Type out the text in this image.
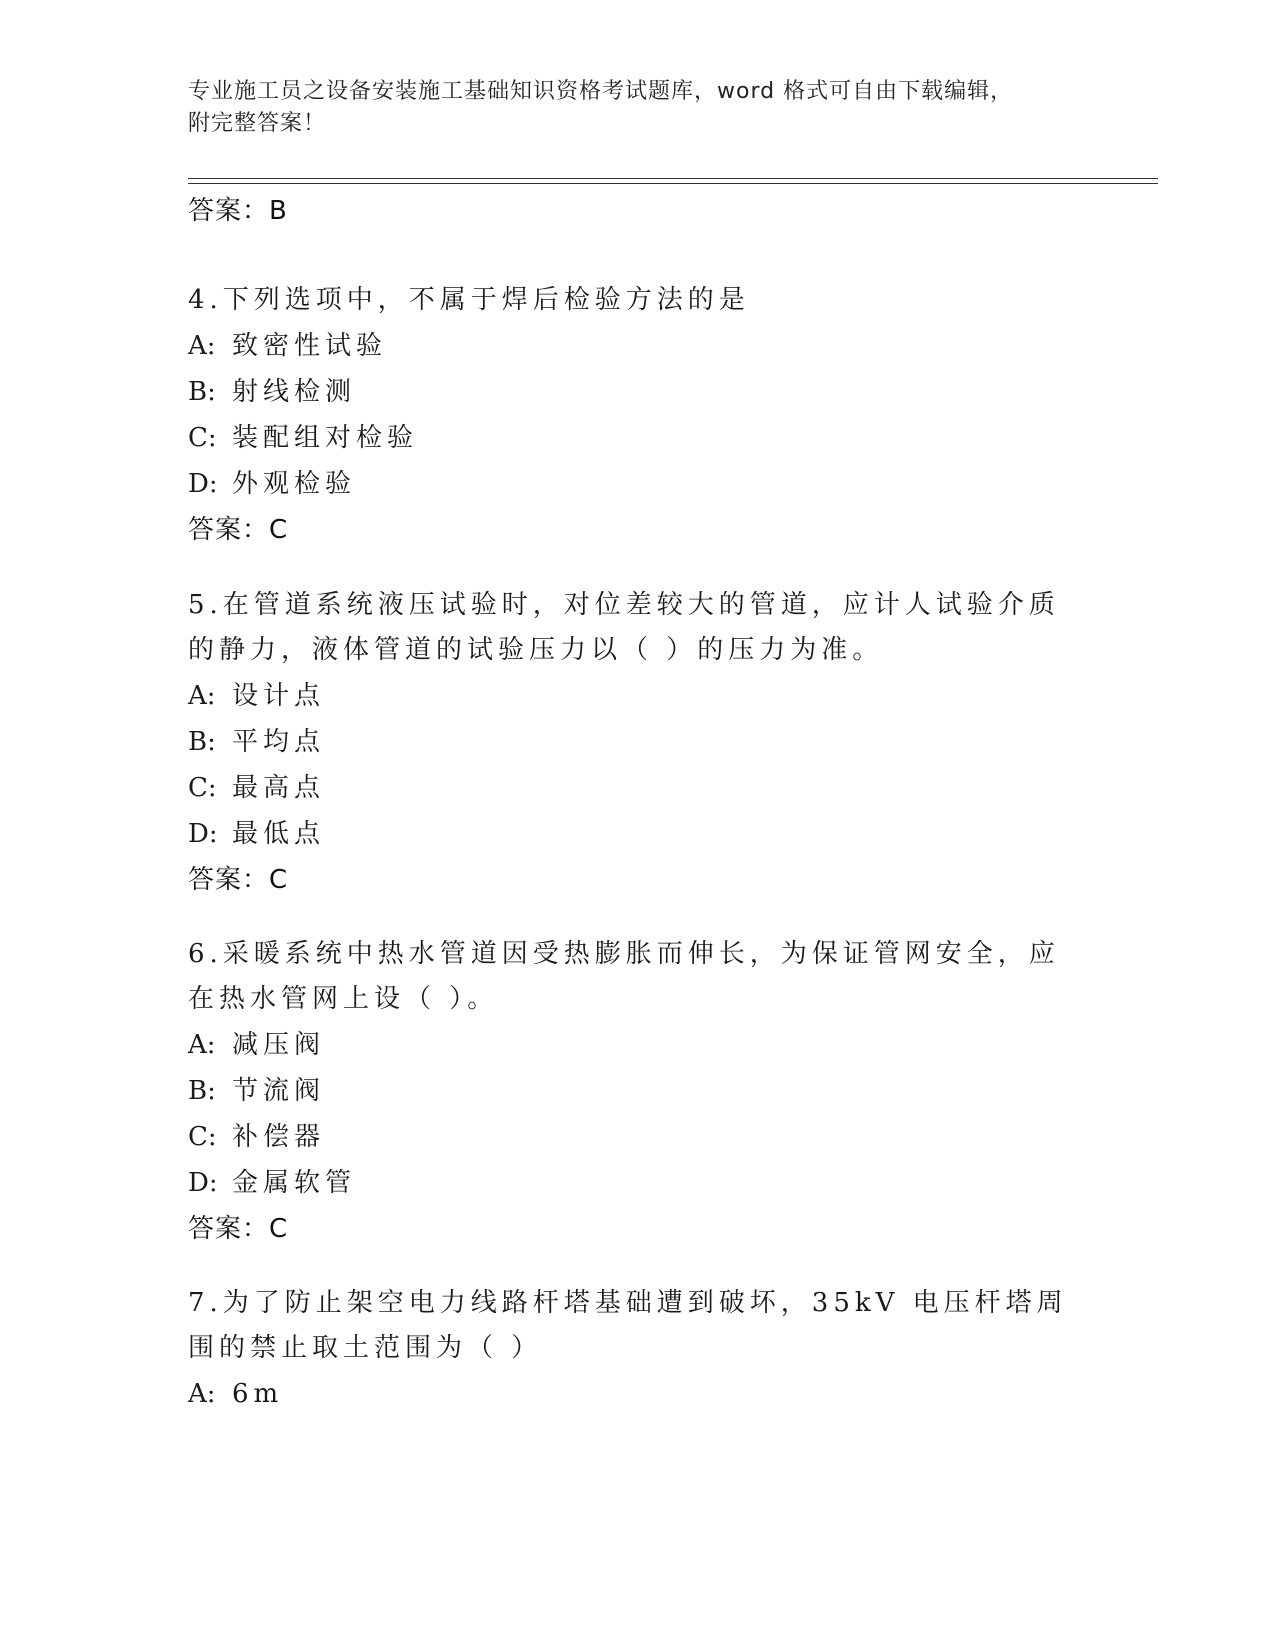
专业施工员之设备安装施工基础知识资格考试题库，word 格式可自由下载编辑，
附完整答案！
答案：B
4.下列选项中，不属于焊后检验方法的是
A: 致密性试验
B: 射线检测
C: 装配组对检验
D: 外观检验
答案：C
5.在管道系统液压试验时，对位差较大的管道，应计人试验介质的静力，液体管道的试验压力以（ ）的压力为准。
A: 设计点
B: 平均点
C: 最高点
D: 最低点
答案：C
6.采暖系统中热水管道因受热膨胀而伸长，为保证管网安全，应在热水管网上设（ ）。
A: 减压阀
B: 节流阀
C: 补偿器
D: 金属软管
答案：C
7.为了防止架空电力线路杆塔基础遭到破坏，35kV 电压杆塔周围的禁止取土范围为（ ）
A: 6m
